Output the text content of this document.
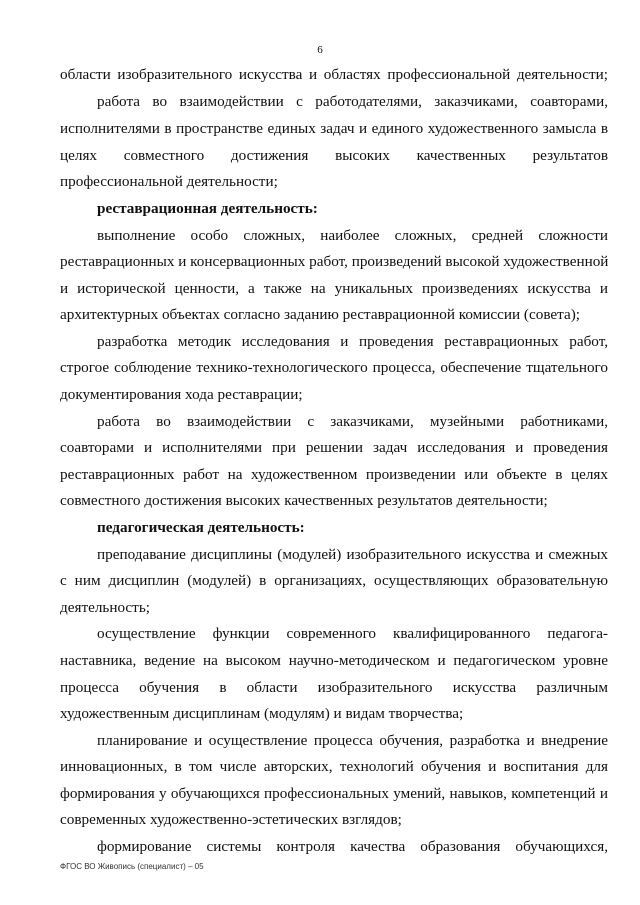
6
области изобразительного искусства и областях профессиональной деятельности;
работа во взаимодействии с работодателями, заказчиками, соавторами,
исполнителями в пространстве единых задач и единого художественного замысла в
целях совместного достижения высоких качественных результатов
профессиональной деятельности;
реставрационная деятельность:
выполнение особо сложных, наиболее сложных, средней сложности
реставрационных и консервационных работ, произведений высокой художественной
и исторической ценности, а также на уникальных произведениях искусства и
архитектурных объектах согласно заданию реставрационной комиссии (совета);
разработка методик исследования и проведения реставрационных работ,
строгое соблюдение технико-технологического процесса, обеспечение тщательного
документирования хода реставрации;
работа во взаимодействии с заказчиками, музейными работниками,
соавторами и исполнителями при решении задач исследования и проведения
реставрационных работ на художественном произведении или объекте в целях
совместного достижения высоких качественных результатов деятельности;
педагогическая деятельность:
преподавание дисциплины (модулей) изобразительного искусства и смежных
с ним дисциплин (модулей) в организациях, осуществляющих образовательную
деятельность;
осуществление функции современного квалифицированного педагога-
наставника, ведение на высоком научно-методическом и педагогическом уровне
процесса обучения в области изобразительного искусства различным
художественным дисциплинам (модулям) и видам творчества;
планирование и осуществление процесса обучения, разработка и внедрение
инновационных, в том числе авторских, технологий обучения и воспитания для
формирования у обучающихся профессиональных умений, навыков, компетенций и
современных художественно-эстетических взглядов;
формирование системы контроля качества образования обучающихся,
ФГОС ВО Живопись (специалист) – 05
